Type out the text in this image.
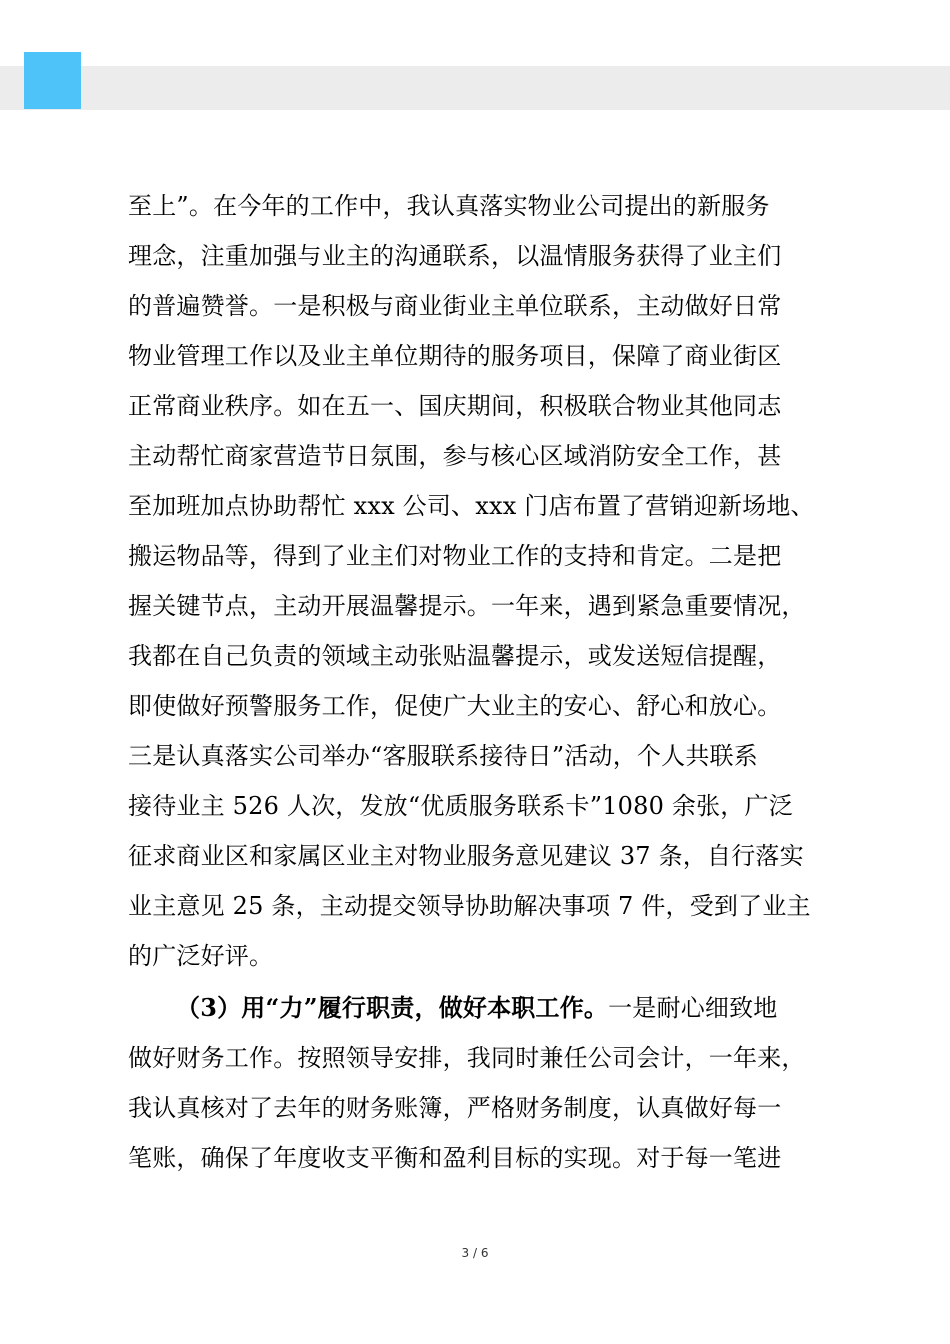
至上”。在今年的工作中，我认真落实物业公司提出的新服务
理念，注重加强与业主的沟通联系，以温情服务获得了业主们
的普遍赞誉。一是积极与商业街业主单位联系，主动做好日常
物业管理工作以及业主单位期待的服务项目，保障了商业街区
正常商业秩序。如在五一、国庆期间，积极联合物业其他同志
主动帮忙商家营造节日氛围，参与核心区域消防安全工作，甚
至加班加点协助帮忙 xxx 公司、xxx 门店布置了营销迎新场地、
搬运物品等，得到了业主们对物业工作的支持和肯定。二是把
握关键节点，主动开展温馨提示。一年来，遇到紧急重要情况，
我都在自己负责的领域主动张贴温馨提示，或发送短信提醒，
即使做好预警服务工作，促使广大业主的安心、舒心和放心。
三是认真落实公司举办“客服联系接待日”活动，个人共联系
接待业主 526 人次，发放“优质服务联系卡”1080 余张，广泛
征求商业区和家属区业主对物业服务意见建议 37 条，自行落实
业主意见 25 条，主动提交领导协助解决事项 7 件，受到了业主
的广泛好评。
（3）用“力”履行职责，做好本职工作。一是耐心细致地
做好财务工作。按照领导安排，我同时兼任公司会计，一年来，
我认真核对了去年的财务账簿，严格财务制度，认真做好每一
笔账，确保了年度收支平衡和盈利目标的实现。对于每一笔进
3 / 6
